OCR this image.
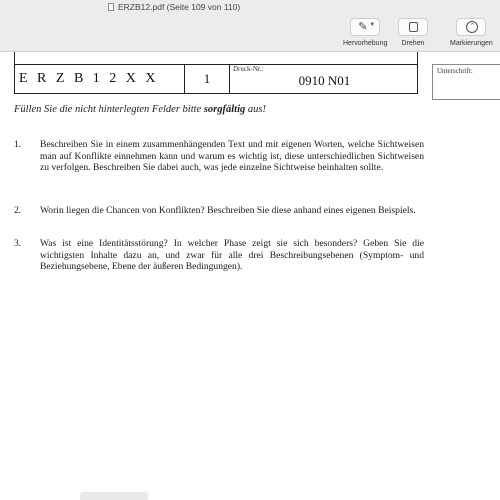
ERZB12.pdf (Seite 109 von 110)
✎ ▼
Hervorhebung	Drehen
⌃
Markierungen
E R Z B 1 2 X X	1
Druck-Nr.:
0910 N01
Unterschrift:
Füllen Sie die nicht hinterlegten Felder bitte sorgfältig aus!
1. Beschreiben Sie in einem zusammenhängenden Text und mit eigenen Worten, welche Sichtweisen man auf Konflikte einnehmen kann und warum es wichtig ist, diese unterschiedlichen Sichtweisen zu verfolgen. Beschreiben Sie dabei auch, was jede einzelne Sichtweise beinhalten sollte.
2. Worin liegen die Chancen von Konflikten? Beschreiben Sie diese anhand eines eigenen Beispiels.
3. Was ist eine Identitätsstörung? In welcher Phase zeigt sie sich besonders? Geben Sie die wichtigsten Inhalte dazu an, und zwar für alle drei Beschreibungsebenen (Symptom- und Beziehungsebene, Ebene der äußeren Bedingungen).
